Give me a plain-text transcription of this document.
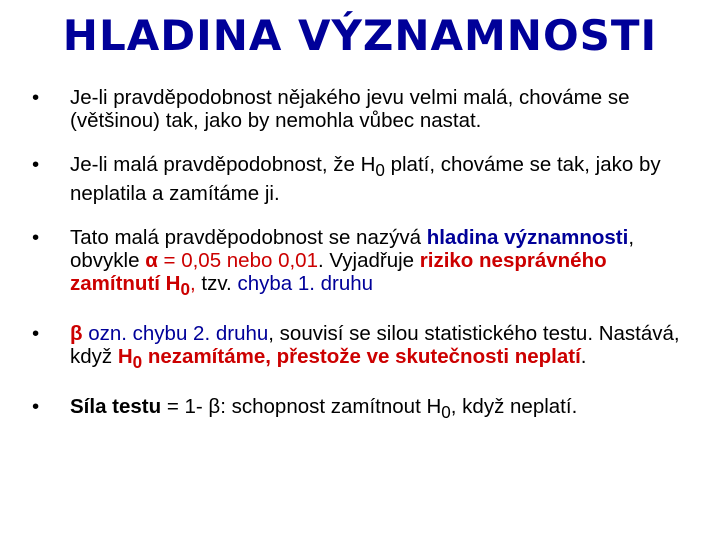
HLADINA VÝZNAMNOSTI
• Je-li pravděpodobnost nějakého jevu velmi malá, chováme se (většinou) tak, jako by nemohla vůbec nastat.
• Je-li malá pravděpodobnost, že $H_0$ platí, chováme se tak, jako by neplatila a zamítáme ji.
• Tato malá pravděpodobnost se nazývá hladina významnosti, obvykle α = 0,05 nebo 0,01. Vyjadřuje riziko nesprávného zamítnutí $H_0$, tzv. chyba 1. druhu
• β ozn. chybu 2. druhu, souvisí se silou statistického testu. Nastává, když $H_0$ nezamítáme, přestože ve skutečnosti neplatí.
• Síla testu = 1- β: schopnost zamítnout $H_0$, když neplatí.
